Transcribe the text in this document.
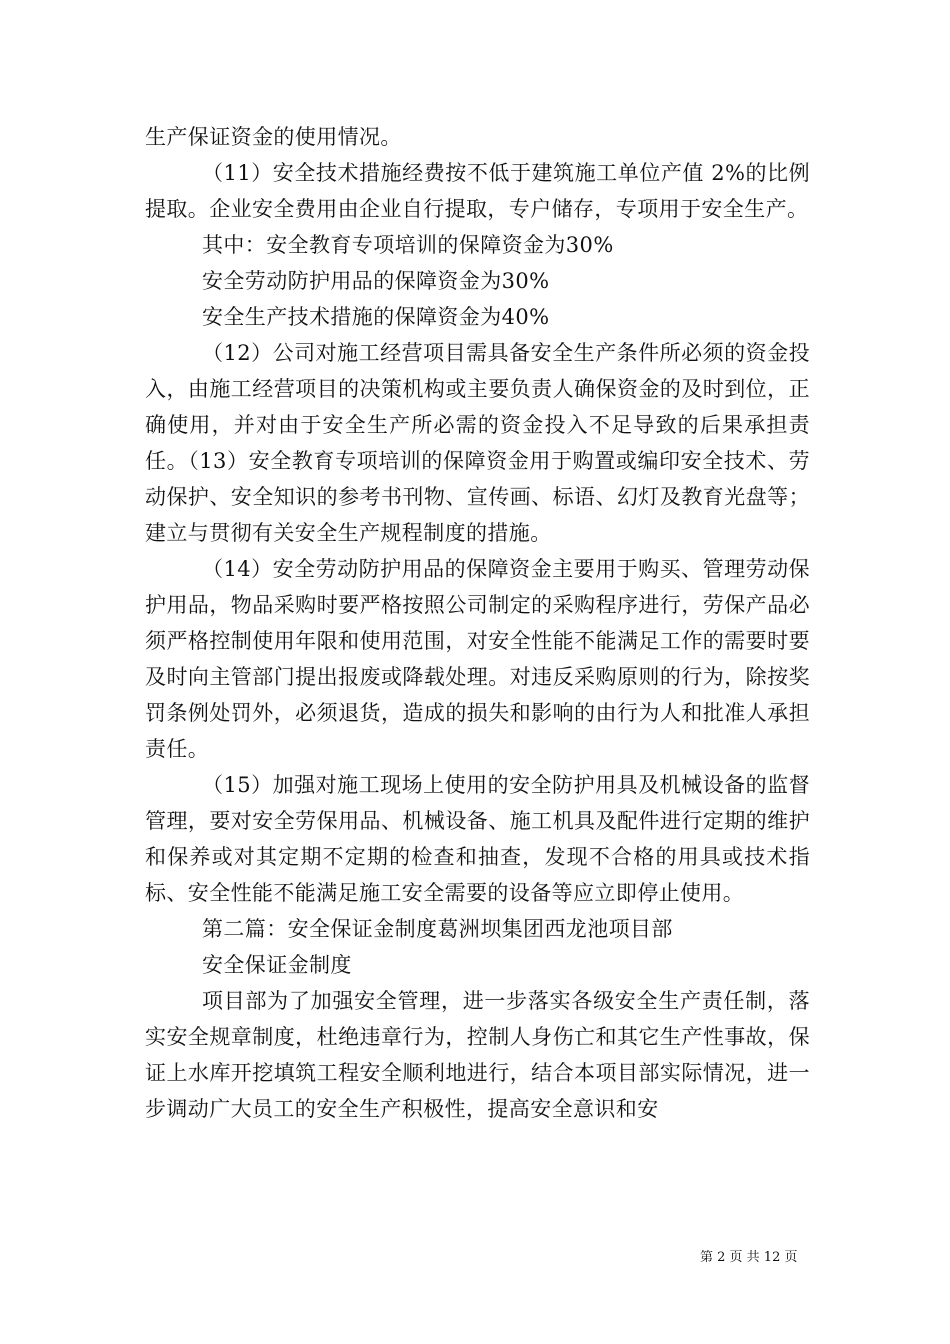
生产保证资金的使用情况。

（11）安全技术措施经费按不低于建筑施工单位产值 2%的比例提取。企业安全费用由企业自行提取，专户储存，专项用于安全生产。

其中：安全教育专项培训的保障资金为30%

安全劳动防护用品的保障资金为30%

安全生产技术措施的保障资金为40%

（12）公司对施工经营项目需具备安全生产条件所必须的资金投入，由施工经营项目的决策机构或主要负责人确保资金的及时到位，正确使用，并对由于安全生产所必需的资金投入不足导致的后果承担责任。（13）安全教育专项培训的保障资金用于购置或编印安全技术、劳动保护、安全知识的参考书刊物、宣传画、标语、幻灯及教育光盘等；建立与贯彻有关安全生产规程制度的措施。

（14）安全劳动防护用品的保障资金主要用于购买、管理劳动保护用品，物品采购时要严格按照公司制定的采购程序进行，劳保产品必须严格控制使用年限和使用范围，对安全性能不能满足工作的需要时要及时向主管部门提出报废或降载处理。对违反采购原则的行为，除按奖罚条例处罚外，必须退货，造成的损失和影响的由行为人和批准人承担责任。

（15）加强对施工现场上使用的安全防护用具及机械设备的监督管理，要对安全劳保用品、机械设备、施工机具及配件进行定期的维护和保养或对其定期不定期的检查和抽查，发现不合格的用具或技术指标、安全性能不能满足施工安全需要的设备等应立即停止使用。

第二篇：安全保证金制度葛洲坝集团西龙池项目部

安全保证金制度

项目部为了加强安全管理，进一步落实各级安全生产责任制，落实安全规章制度，杜绝违章行为，控制人身伤亡和其它生产性事故，保证上水库开挖填筑工程安全顺利地进行，结合本项目部实际情况，进一步调动广大员工的安全生产积极性，提高安全意识和安

第 2 页 共 12 页
